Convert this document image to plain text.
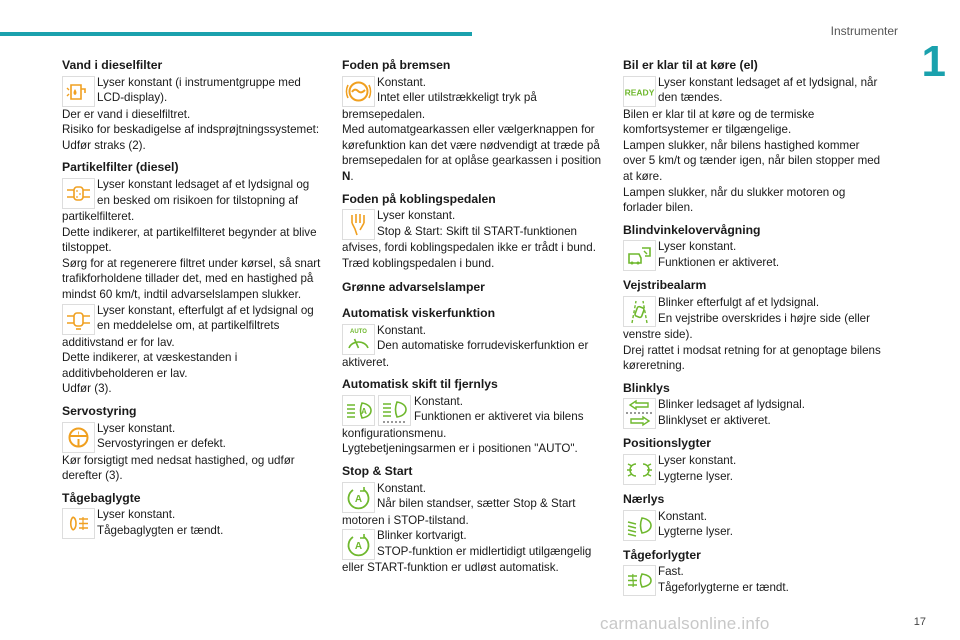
Instrumenter
1
Vand i dieselfilter
Lyser konstant (i instrumentgruppe med LCD-display).
Der er vand i dieselfiltret.
Risiko for beskadigelse af indsprøjtningssystemet: Udfør straks (2).
Partikelfilter (diesel)
Lyser konstant ledsaget af et lydsignal og en besked om risikoen for tilstopning af
partikelfilteret.
Dette indikerer, at partikelfilteret begynder at blive tilstoppet.
Sørg for at regenerere filtret under kørsel, så snart trafikforholdene tillader det, med en hastighed på mindst 60 km/t, indtil advarselslampen slukker.
Lyser konstant, efterfulgt af et lydsignal og en meddelelse om, at partikelfiltrets
additivstand er for lav.
Dette indikerer, at væskestanden i additivbeholderen er lav.
Udfør (3).
Servostyring
! Lyser konstant.
Servostyringen er defekt.
Kør forsigtigt med nedsat hastighed, og udfør derefter (3).
Tågebaglygte
Lyser konstant.
Tågebaglygten er tændt.
Foden på bremsen
Konstant.
Intet eller utilstrækkeligt tryk på
bremsepedalen.
Med automatgearkassen eller vælgerknappen for kørefunktion kan det være nødvendigt at træde på bremsepedalen for at oplåse gearkassen i position N.
Foden på koblingspedalen
Lyser konstant.
Stop & Start: Skift til START-funktionen
afvises, fordi koblingspedalen ikke er trådt i bund.
Træd koblingspedalen i bund.
Grønne advarselslamper
Automatisk viskerfunktion
AUTO Konstant.
Den automatiske forrudeviskerfunktion er
aktiveret.
Automatisk skift til fjernlys
A
Konstant.
Funktionen er aktiveret via bilens
konfigurationsmenu.
Lygtebetjeningsarmen er i positionen "AUTO".
Stop & Start
A
Konstant.
Når bilen standser, sætter Stop & Start
motoren i STOP-tilstand.
A
Blinker kortvarigt.
STOP-funktion er midlertidigt utilgængelig
eller START-funktion er udløst automatisk.
Bil er klar til at køre (el)
READY
Lyser konstant ledsaget af et lydsignal, når den tændes.
Bilen er klar til at køre og de termiske komfortsystemer er tilgængelige.
Lampen slukker, når bilens hastighed kommer over 5 km/t og tænder igen, når bilen stopper med at køre.
Lampen slukker, når du slukker motoren og forlader bilen.
Blindvinkelovervågning
Lyser konstant.
Funktionen er aktiveret.
Vejstribealarm
Blinker efterfulgt af et lydsignal.
En vejstribe overskrides i højre side (eller
venstre side).
Drej rattet i modsat retning for at genoptage bilens køreretning.
Blinklys
Blinker ledsaget af lydsignal.
Blinklyset er aktiveret.
Positionslygter
Lyser konstant.
Lygterne lyser.
Nærlys
Konstant.
Lygterne lyser.
Tågeforlygter
Fast.
Tågeforlygterne er tændt.
carmanualsonline.info	17
